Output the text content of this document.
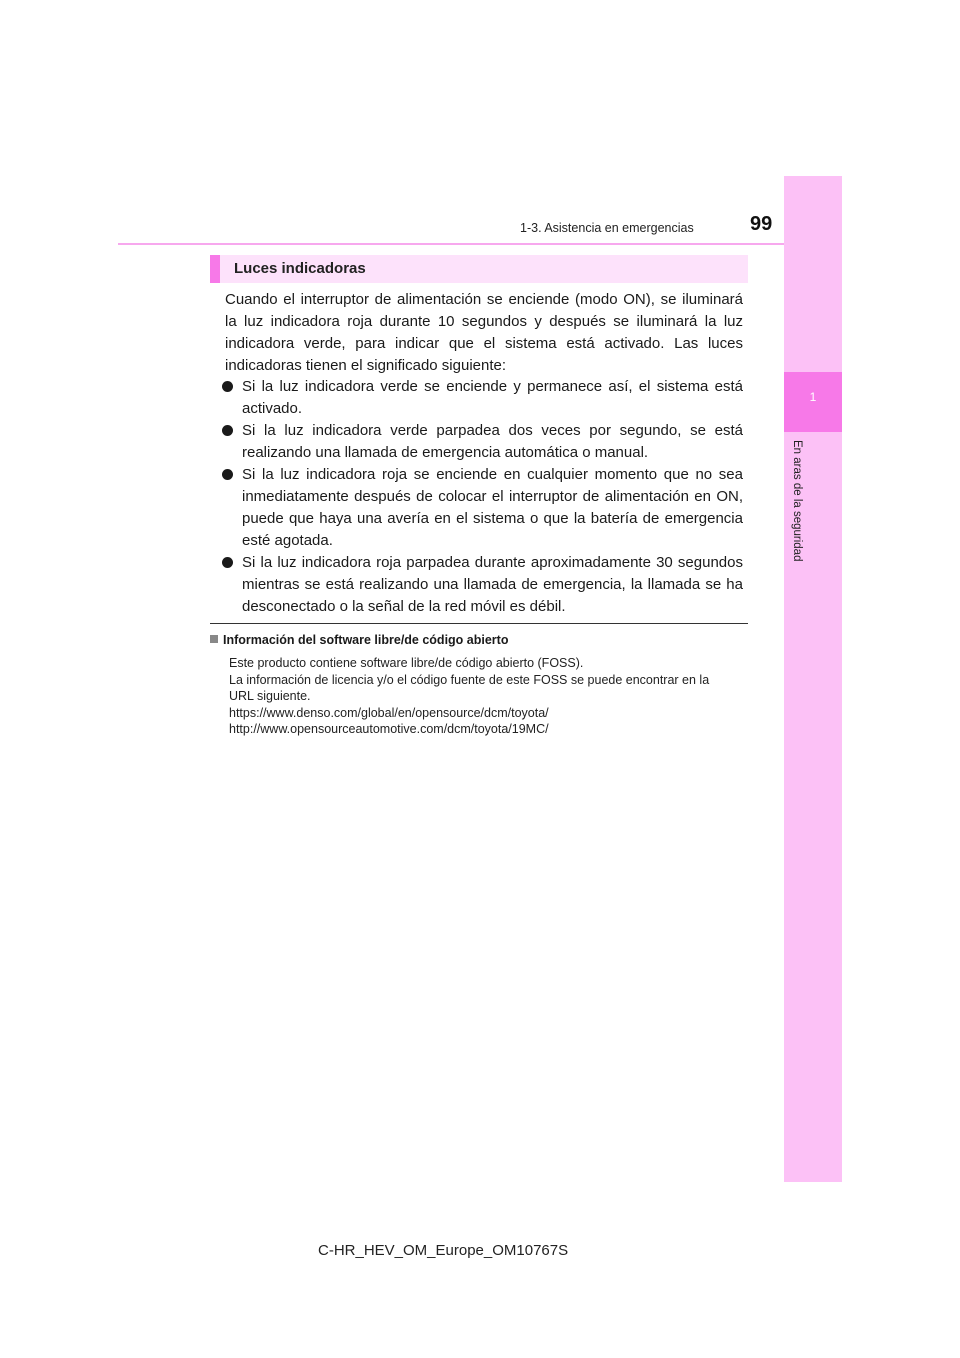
1-3. Asistencia en emergencias	99
1
En aras de la seguridad
Luces indicadoras

Cuando el interruptor de alimentación se enciende (modo ON), se iluminará la luz indicadora roja durante 10 segundos y después se iluminará la luz indicadora verde, para indicar que el sistema está activado. Las luces indicadoras tienen el significado siguiente:

Si la luz indicadora verde se enciende y permanece así, el sistema está activado.
Si la luz indicadora verde parpadea dos veces por segundo, se está realizando una llamada de emergencia automática o manual.
Si la luz indicadora roja se enciende en cualquier momento que no sea inmediatamente después de colocar el interruptor de alimentación en ON, puede que haya una avería en el sistema o que la batería de emergencia esté agotada.
Si la luz indicadora roja parpadea durante aproximadamente 30 segundos mientras se está realizando una llamada de emergencia, la llamada se ha desconectado o la señal de la red móvil es débil.
Información del software libre/de código abierto
Este producto contiene software libre/de código abierto (FOSS).
La información de licencia y/o el código fuente de este FOSS se puede encontrar en la
URL siguiente.
https://www.denso.com/global/en/opensource/dcm/toyota/
http://www.opensourceautomotive.com/dcm/toyota/19MC/
C-HR_HEV_OM_Europe_OM10767S
